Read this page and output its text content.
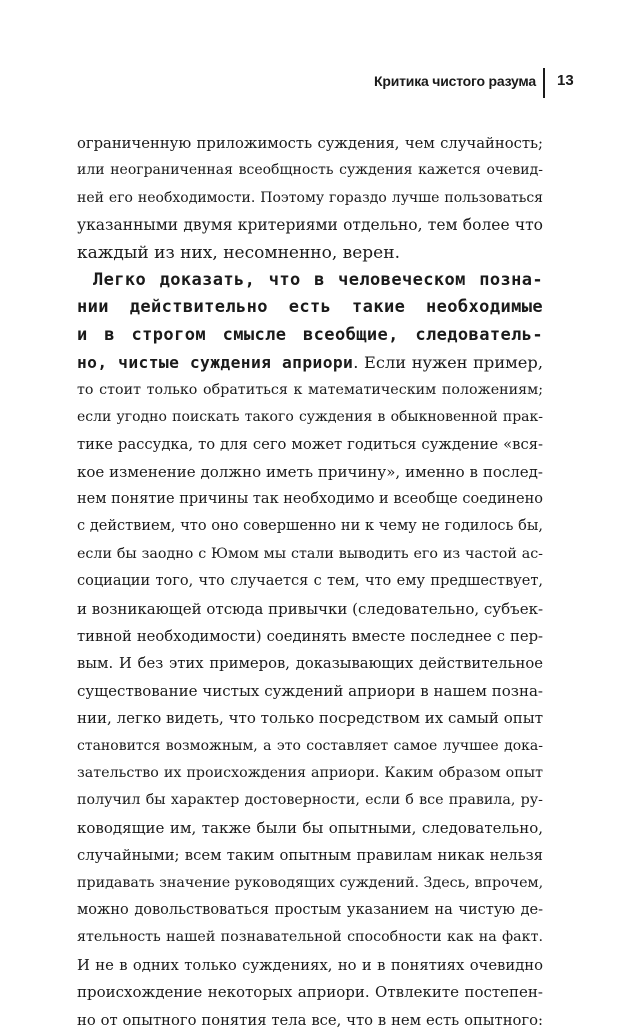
Критика чистого разума 13
ограниченную приложимость суждения, чем случайность;
или неограниченная всеобщность суждения кажется очевид-
ней его необходимости. Поэтому гораздо лучше пользоваться
указанными двумя критериями отдельно, тем более что
каждый из них, несомненно, верен.
Легко доказать, что в человеческом позна-
нии действительно есть такие необходимые
и в строгом смысле всеобщие, следователь-
но, чистые суждения априори. Если нужен пример,
то стоит только обратиться к математическим положениям;
если угодно поискать такого суждения в обыкновенной прак-
тике рассудка, то для сего может годиться суждение «вся-
кое изменение должно иметь причину», именно в послед-
нем понятие причины так необходимо и всеобще соединено
с действием, что оно совершенно ни к чему не годилось бы,
если бы заодно с Юмом мы стали выводить его из частой ас-
социации того, что случается с тем, что ему предшествует,
и возникающей отсюда привычки (следовательно, субъек-
тивной необходимости) соединять вместе последнее с пер-
вым. И без этих примеров, доказывающих действительное
существование чистых суждений априори в нашем позна-
нии, легко видеть, что только посредством их самый опыт
становится возможным, а это составляет самое лучшее дока-
зательство их происхождения априори. Каким образом опыт
получил бы характер достоверности, если б все правила, ру-
ководящие им, также были бы опытными, следовательно,
случайными; всем таким опытным правилам никак нельзя
придавать значение руководящих суждений. Здесь, впрочем,
можно довольствоваться простым указанием на чистую де-
ятельность нашей познавательной способности как на факт.
И не в одних только суждениях, но и в понятиях очевидно
происхождение некоторых априори. Отвлеките постепен-
но от опытного понятия тела все, что в нем есть опытного:
